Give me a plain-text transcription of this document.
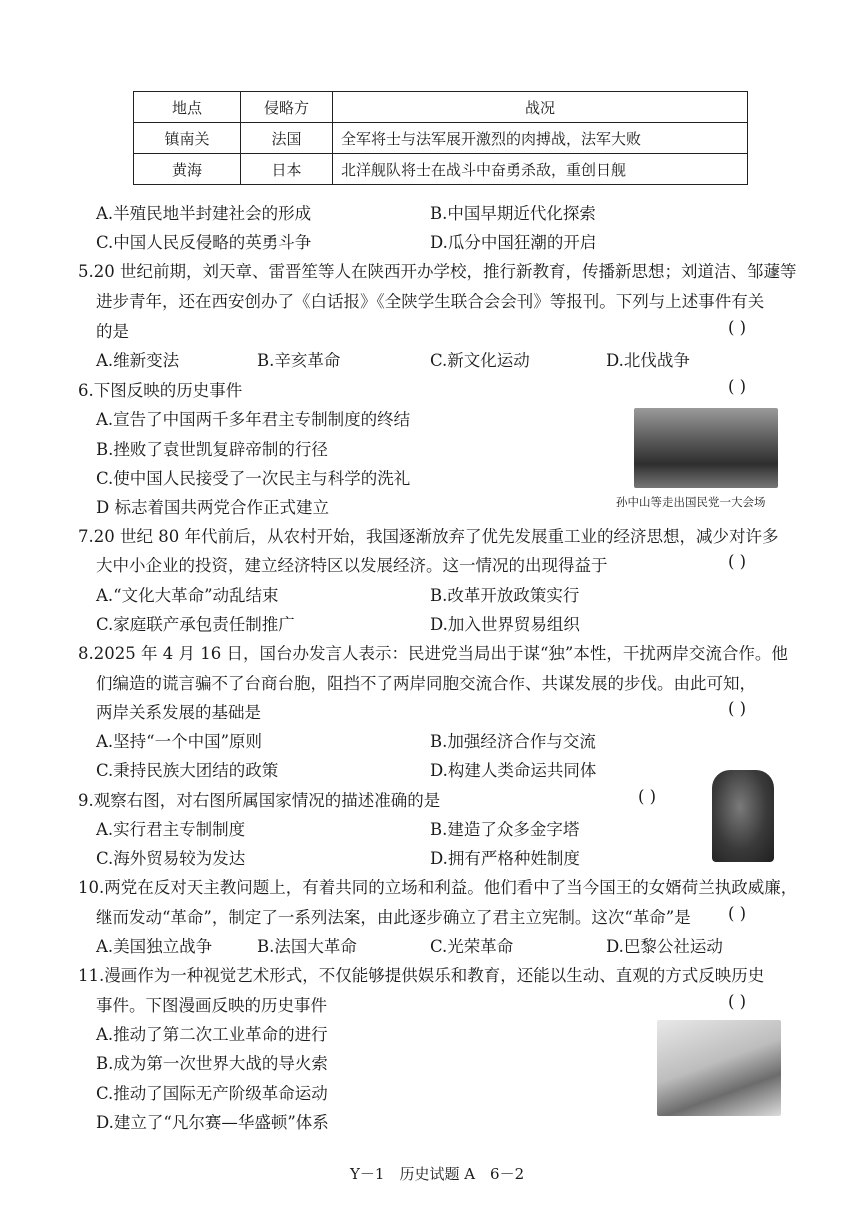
地点	侵略方	战况
镇南关	法国	全军将士与法军展开激烈的肉搏战，法军大败
黄海	日本	北洋舰队将士在战斗中奋勇杀敌，重创日舰
A.半殖民地半封建社会的形成	B.中国早期近代化探索
C.中国人民反侵略的英勇斗争	D.瓜分中国狂潮的开启
5.20 世纪前期，刘天章、雷晋笙等人在陕西开办学校，推行新教育，传播新思想；刘道洁、邹蘧等
进步青年，还在西安创办了《白话报》《全陕学生联合会会刊》等报刊。下列与上述事件有关
的是	( )
A.维新变法	B.辛亥革命	C.新文化运动	D.北伐战争
6.下图反映的历史事件	( )
A.宣告了中国两千多年君主专制制度的终结
B.挫败了袁世凯复辟帝制的行径
C.使中国人民接受了一次民主与科学的洗礼
D 标志着国共两党合作正式建立	孙中山等走出国民党一大会场
7.20 世纪 80 年代前后，从农村开始，我国逐渐放弃了优先发展重工业的经济思想，减少对许多
大中小企业的投资，建立经济特区以发展经济。这一情况的出现得益于	( )
A.“文化大革命”动乱结束	B.改革开放政策实行
C.家庭联产承包责任制推广	D.加入世界贸易组织
8.2025 年 4 月 16 日，国台办发言人表示：民进党当局出于谋“独”本性，干扰两岸交流合作。他
们编造的谎言骗不了台商台胞，阻挡不了两岸同胞交流合作、共谋发展的步伐。由此可知，
两岸关系发展的基础是	( )
A.坚持“一个中国”原则	B.加强经济合作与交流
C.秉持民族大团结的政策	D.构建人类命运共同体
9.观察右图，对右图所属国家情况的描述准确的是	( )
A.实行君主专制制度	B.建造了众多金字塔
C.海外贸易较为发达	D.拥有严格种姓制度
10.两党在反对天主教问题上，有着共同的立场和利益。他们看中了当今国王的女婿荷兰执政威廉，
继而发动“革命”，制定了一系列法案，由此逐步确立了君主立宪制。这次“革命”是 ( )
A.美国独立战争	B.法国大革命	C.光荣革命	D.巴黎公社运动
11.漫画作为一种视觉艺术形式，不仅能够提供娱乐和教育，还能以生动、直观的方式反映历史
事件。下图漫画反映的历史事件	( )
A.推动了第二次工业革命的进行
B.成为第一次世界大战的导火索
C.推动了国际无产阶级革命运动
D.建立了“凡尔赛—华盛顿”体系
Y－1　历史试题 A　6－2
